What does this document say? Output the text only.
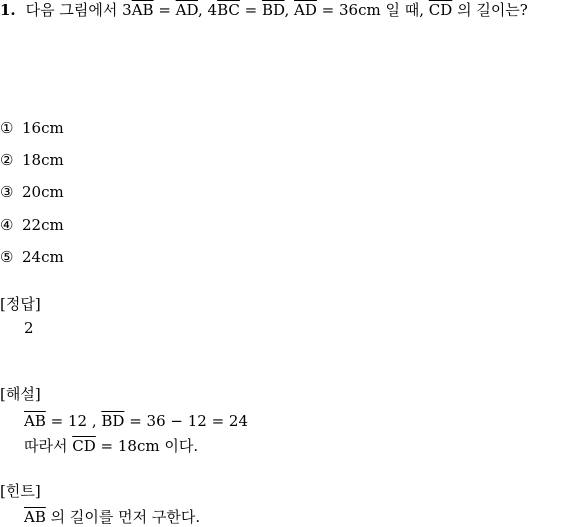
1. 다음 그림에서 $3\overline{AB} = \overline{AD}$, $4\overline{BC} = \overline{BD}$, $\overline{AD} = 36cm$ 일 때, $\overline{CD}$ 의 길이는?
① 16cm
② 18cm
③ 20cm
④ 22cm
⑤ 24cm
[정답]
2
[해설]
$\overline{AB} = 12$ , $\overline{BD} = 36 - 12 = 24$
따라서 $\overline{CD} = 18cm$ 이다.
[힌트]
$\overline{AB}$ 의 길이를 먼저 구한다.
